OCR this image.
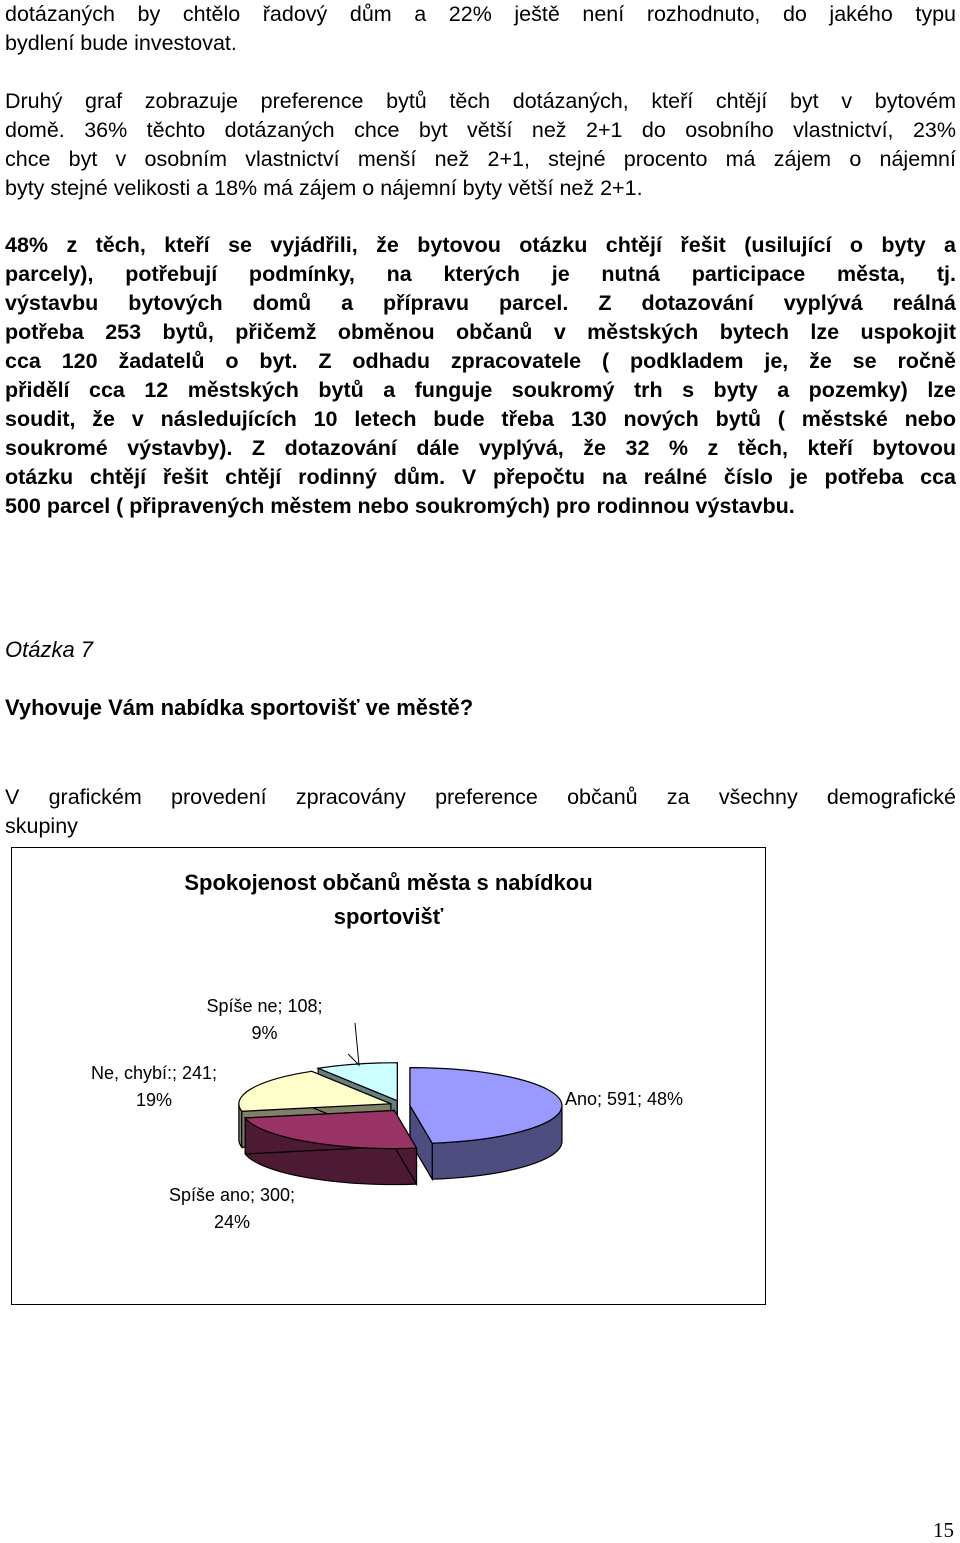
dotázaných by chtělo řadový dům a 22% ještě není rozhodnuto, do jakého typu
bydlení bude investovat.
Druhý graf zobrazuje preference bytů těch dotázaných, kteří chtějí byt v bytovém
domě. 36% těchto dotázaných chce byt větší než 2+1 do osobního vlastnictví, 23%
chce byt v osobním vlastnictví menší než 2+1, stejné procento má zájem o nájemní
byty stejné velikosti a 18% má zájem o nájemní byty větší než 2+1.
48% z těch, kteří se vyjádřili, že bytovou otázku chtějí řešit (usilující o byty a
parcely), potřebují podmínky, na kterých je nutná participace města, tj.
výstavbu bytových domů a přípravu parcel. Z dotazování vyplývá reálná
potřeba 253 bytů, přičemž obměnou občanů v městských bytech lze uspokojit
cca 120 žadatelů o byt. Z odhadu zpracovatele ( podkladem je, že se ročně
přidělí cca 12 městských bytů a funguje soukromý trh s byty a pozemky) lze
soudit, že v následujících 10 letech bude třeba 130 nových bytů ( městské nebo
soukromé výstavby). Z dotazování dále vyplývá, že 32 % z těch, kteří bytovou
otázku chtějí řešit chtějí rodinný dům. V přepočtu na reálné číslo je potřeba cca
500 parcel ( připravených městem nebo soukromých) pro rodinnou výstavbu.
Otázka 7
Vyhovuje Vám nabídka sportovišť ve městě?
V grafickém provedení zpracovány preference občanů za všechny demografické
skupiny
Spokojenost občanů města s nabídkou
sportovišť
Ano; 591; 48%
Spíše ano; 300;
24%
Ne, chybí:; 241;
19%
Spíše ne; 108;
9%
15
